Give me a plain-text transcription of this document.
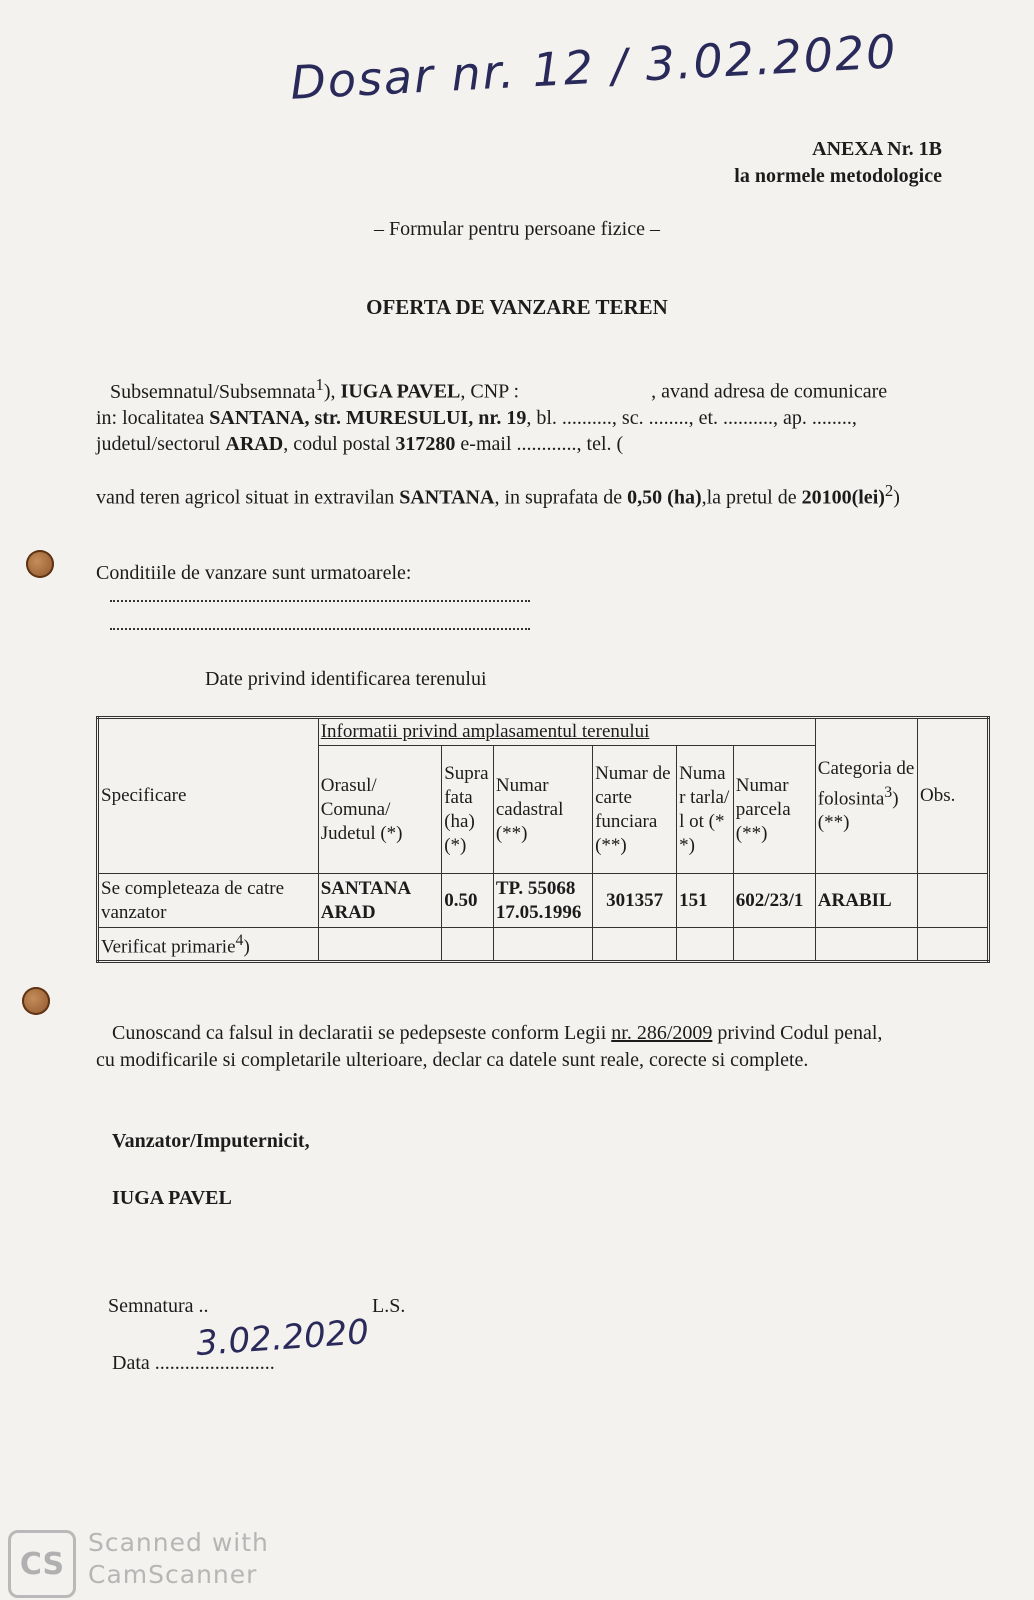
Dosar nr. 12 / 3.02.2020
ANEXA Nr. 1B
la normele metodologice
– Formular pentru persoane fizice –
OFERTA DE VANZARE TEREN
Subsemnatul/Subsemnata$^1$), IUGA PAVEL, CNP :	, avand adresa de comunicare
in: localitatea SANTANA, str. MURESULUI, nr. 19, bl. .........., sc. ........, et. .........., ap. ........,
judetul/sectorul ARAD, codul postal 317280 e-mail ............, tel. (
vand teren agricol situat in extravilan SANTANA, in suprafata de 0,50 (ha),la pretul de 20100(lei)$^2$)
Conditiile de vanzare sunt urmatoarele:
Date privind identificarea terenului
Specificare	Informatii privind amplasamentul terenului						Categoria de folosinta$^3$) (**)	Obs.
	Orasul/ Comuna/ Judetul (*)	Supra fata (ha) (*)	Numar cadastral (**)	Numar de carte funciara (**)	Numa r tarla/l ot (**)	Numar parcela (**)		
Se completeaza de catre vanzator	SANTANA ARAD	0.50	TP. 55068 17.05.1996	301357	151	602/23/1	ARABIL	
Verificat primarie$^4$)								
Cunoscand ca falsul in declaratii se pedepseste conform Legii nr. 286/2009 privind Codul penal,
cu modificarile si completarile ulterioare, declar ca datele sunt reale, corecte si complete.
Vanzator/Imputernicit,
IUGA PAVEL
Semnatura ..	L.S.
Data ........................
3.02.2020
CS
Scanned with
CamScanner
